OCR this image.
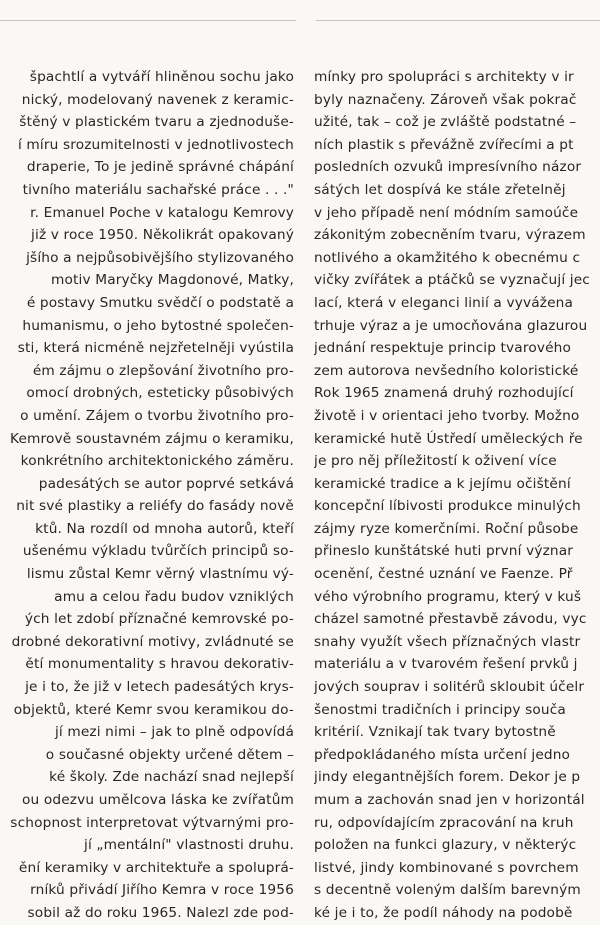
špachtlí a vytváří hliněnou sochu jako
nický, modelovaný navenek z keramic-
štěný v plastickém tvaru a zjednoduše-
í míru srozumitelnosti v jednotlivostech
draperie, To je jedině správné chápání
tivního materiálu sachařské práce . . ."
r. Emanuel Poche v katalogu Kemrovy
již v roce 1950. Několikrát opakovaný
jšího a nejpůsobivějšího stylizovaného
motiv Maryčky Magdonové, Matky,
é postavy Smutku svědčí o podstatě a
humanismu, o jeho bytostné společen-
sti, která nicméně nejzřetelněji vyústila
ém zájmu o zlepšování životního pro-
omocí drobných, esteticky působivých
o umění. Zájem o tvorbu životního pro-
Kemrově soustavném zájmu o keramiku,
konkrétního architektonického záměru.
padesátých se autor poprvé setkává
nit své plastiky a reliéfy do fasády nově
ktů. Na rozdíl od mnoha autorů, kteří
ušenému výkladu tvůrčích principů so-
lismu zůstal Kemr věrný vlastnímu vý-
amu a celou řadu budov vzniklých
ých let zdobí příznačné kemrovské po-
drobné dekorativní motivy, zvládnuté se
ětí monumentality s hravou dekorativ-
je i to, že již v letech padesátých krys-
objektů, které Kemr svou keramikou do-
jí mezi nimi – jak to plně odpovídá
o současné objekty určené dětem –
ké školy. Zde nachází snad nejlepší
ou odezvu umělcova láska ke zvířatům
schopnost interpretovat výtvarnými pro-
jí „mentální" vlastnosti druhu.
ění keramiky v architektuře a spoluprá-
rníků přivádí Jiřího Kemra v roce 1956
sobil až do roku 1965. Nalezl zde pod-
mínky pro spolupráci s architekty v ir
byly naznačeny. Zároveň však pokrač
užité, tak – což je zvláště podstatné –
ních plastik s převážně zvířecími a pt
posledních ozvuků impresívního názor
sátých let dospívá ke stále zřetelněj
v jeho případě není módním samoúče
zákonitým zobecněním tvaru, výrazem
notlivého a okamžitého k obecnému c
vičky zvířátek a ptáčků se vyznačují jec
lací, která v eleganci linií a vyvážena
trhuje výraz a je umocňována glazurou
jednání respektuje princip tvarového
zem autorova nevšedního koloristické
Rok 1965 znamená druhý rozhodující
životě i v orientaci jeho tvorby. Možno
keramické hutě Ústředí uměleckých ře
je pro něj příležitostí k oživení více
keramické tradice a k jejímu očištění
koncepční líbivosti produkce minulých
zájmy ryze komerčními. Roční působe
přineslo kunštátské huti první význar
ocenění, čestné uznání ve Faenze. Př
vého výrobního programu, který v kuš
cházel samotné přestavbě závodu, vyc
snahy využít všech příznačných vlastr
materiálu a v tvarovém řešení prvků j
jových souprav i solitérů skloubit účelr
šenostmi tradičních i principy souča
kritérií. Vznikají tak tvary bytostně
předpokládaného místa určení jedno
jindy elegantnějších forem. Dekor je p
mum a zachován snad jen v horizontál
ru, odpovídajícím zpracování na kruh
položen na funkci glazury, v některýc
listvé, jindy kombinované s povrchem
s decentně voleným dalším barevným
ké je i to, že podíl náhody na podobě
